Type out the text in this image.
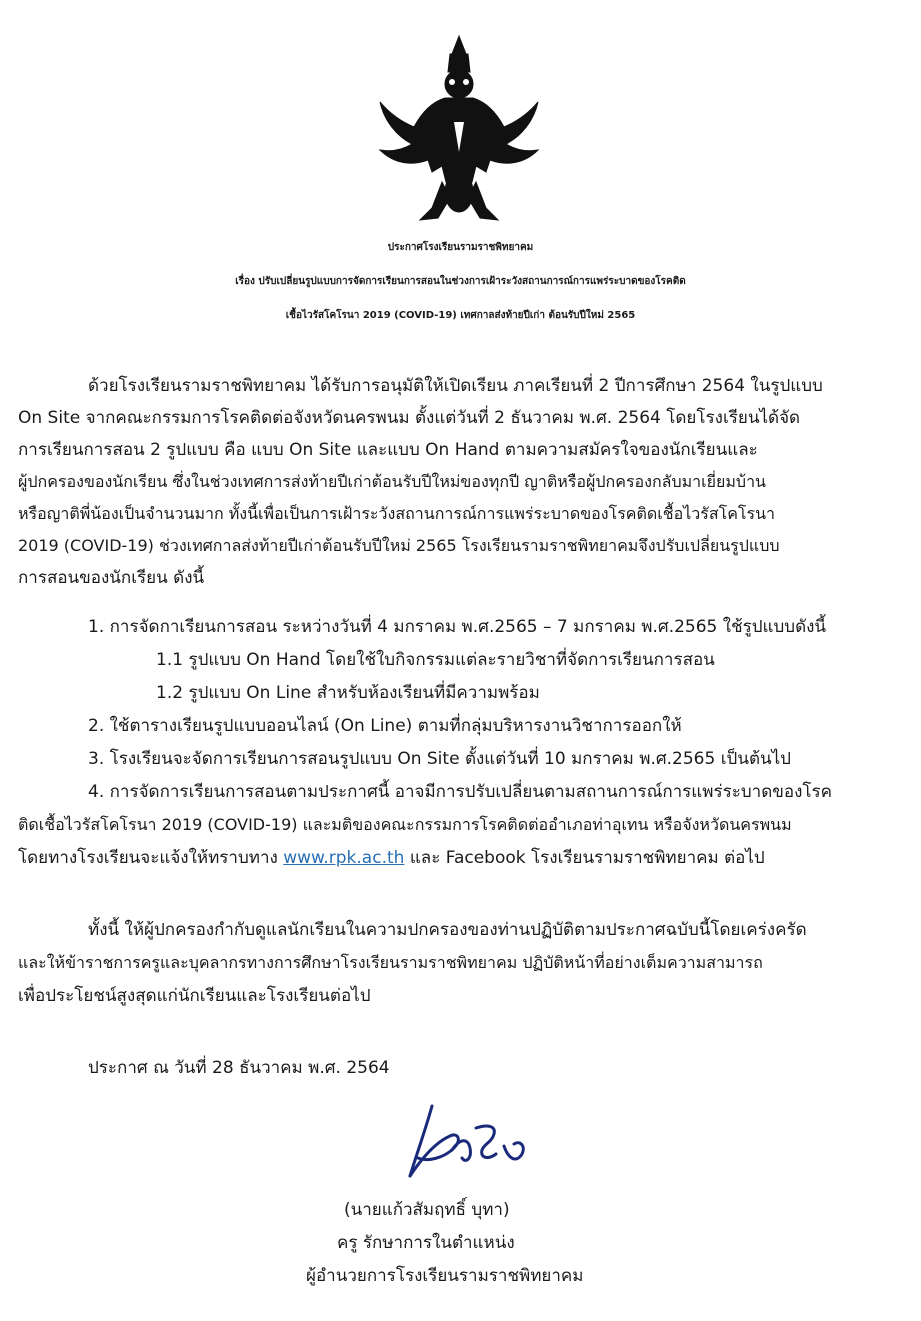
ประกาศโรงเรียนรามราชพิทยาคม
เรื่อง ปรับเปลี่ยนรูปแบบการจัดการเรียนการสอนในช่วงการเฝ้าระวังสถานการณ์การแพร่ระบาดของโรคติด
เชื้อไวรัสโคโรนา 2019 (COVID-19) เทศกาลส่งท้ายปีเก่า ต้อนรับปีใหม่ 2565
ด้วยโรงเรียนรามราชพิทยาคม ได้รับการอนุมัติให้เปิดเรียน ภาคเรียนที่ 2 ปีการศึกษา 2564 ในรูปแบบ
On Site จากคณะกรรมการโรคติดต่อจังหวัดนครพนม ตั้งแต่วันที่ 2 ธันวาคม พ.ศ. 2564 โดยโรงเรียนได้จัด
การเรียนการสอน 2 รูปแบบ คือ แบบ On Site และแบบ On Hand ตามความสมัครใจของนักเรียนและ
ผู้ปกครองของนักเรียน ซึ่งในช่วงเทศการส่งท้ายปีเก่าต้อนรับปีใหม่ของทุกปี ญาติหรือผู้ปกครองกลับมาเยี่ยมบ้าน
หรือญาติพี่น้องเป็นจำนวนมาก ทั้งนี้เพื่อเป็นการเฝ้าระวังสถานการณ์การแพร่ระบาดของโรคติดเชื้อไวรัสโคโรนา
2019 (COVID-19) ช่วงเทศกาลส่งท้ายปีเก่าต้อนรับปีใหม่ 2565 โรงเรียนรามราชพิทยาคมจึงปรับเปลี่ยนรูปแบบ
การสอนของนักเรียน ดังนี้
1. การจัดกาเรียนการสอน ระหว่างวันที่ 4 มกราคม พ.ศ.2565 – 7 มกราคม พ.ศ.2565 ใช้รูปแบบดังนี้
1.1 รูปแบบ On Hand โดยใช้ใบกิจกรรมแต่ละรายวิชาที่จัดการเรียนการสอน
1.2 รูปแบบ On Line สำหรับห้องเรียนที่มีความพร้อม
2. ใช้ตารางเรียนรูปแบบออนไลน์ (On Line) ตามที่กลุ่มบริหารงานวิชาการออกให้
3. โรงเรียนจะจัดการเรียนการสอนรูปแบบ On Site ตั้งแต่วันที่ 10 มกราคม พ.ศ.2565 เป็นต้นไป
4. การจัดการเรียนการสอนตามประกาศนี้ อาจมีการปรับเปลี่ยนตามสถานการณ์การแพร่ระบาดของโรค
ติดเชื้อไวรัสโคโรนา 2019 (COVID-19) และมติของคณะกรรมการโรคติดต่ออำเภอท่าอุเทน หรือจังหวัดนครพนม
โดยทางโรงเรียนจะแจ้งให้ทราบทาง www.rpk.ac.th และ Facebook โรงเรียนรามราชพิทยาคม ต่อไป
ทั้งนี้ ให้ผู้ปกครองกำกับดูแลนักเรียนในความปกครองของท่านปฏิบัติตามประกาศฉบับนี้โดยเคร่งครัด
และให้ข้าราชการครูและบุคลากรทางการศึกษาโรงเรียนรามราชพิทยาคม ปฏิบัติหน้าที่อย่างเต็มความสามารถ
เพื่อประโยชน์สูงสุดแก่นักเรียนและโรงเรียนต่อไป
ประกาศ ณ วันที่ 28 ธันวาคม พ.ศ. 2564
(นายแก้วสัมฤทธิ์ บุทา)
ครู รักษาการในตำแหน่ง
ผู้อำนวยการโรงเรียนรามราชพิทยาคม
